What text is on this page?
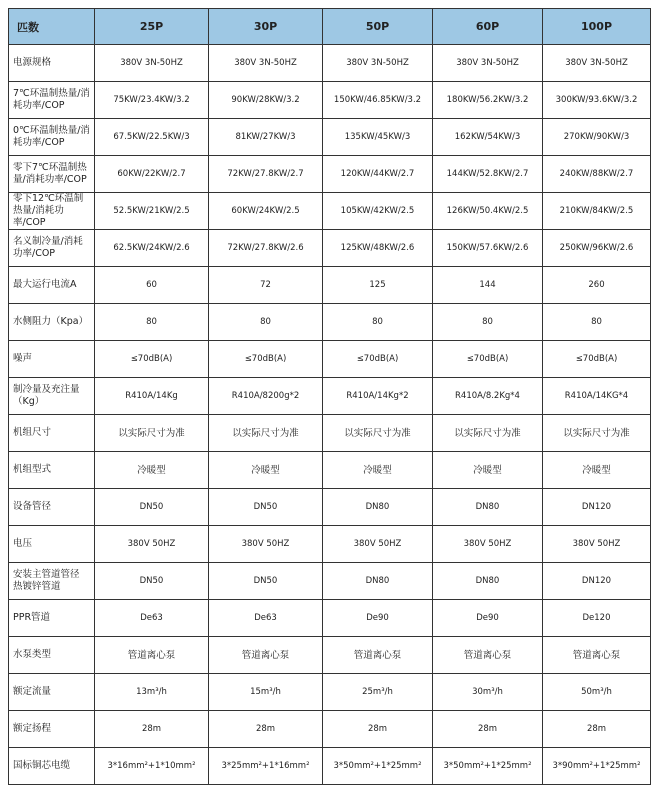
匹数	25P	30P	50P	60P	100P
电源规格	380V 3N-50HZ	380V 3N-50HZ	380V 3N-50HZ	380V 3N-50HZ	380V 3N-50HZ
7℃环温制热量/消耗功率/COP	75KW/23.4KW/3.2	90KW/28KW/3.2	150KW/46.85KW/3.2	180KW/56.2KW/3.2	300KW/93.6KW/3.2
0℃环温制热量/消耗功率/COP	67.5KW/22.5KW/3	81KW/27KW/3	135KW/45KW/3	162KW/54KW/3	270KW/90KW/3
零下7℃环温制热量/消耗功率/COP	60KW/22KW/2.7	72KW/27.8KW/2.7	120KW/44KW/2.7	144KW/52.8KW/2.7	240KW/88KW/2.7
零下12℃环温制热量/消耗功率/COP	52.5KW/21KW/2.5	60KW/24KW/2.5	105KW/42KW/2.5	126KW/50.4KW/2.5	210KW/84KW/2.5
名义制冷量/消耗功率/COP	62.5KW/24KW/2.6	72KW/27.8KW/2.6	125KW/48KW/2.6	150KW/57.6KW/2.6	250KW/96KW/2.6
最大运行电流A	60	72	125	144	260
水侧阻力（Kpa）	80	80	80	80	80
噪声	≤70dB(A)	≤70dB(A)	≤70dB(A)	≤70dB(A)	≤70dB(A)
制冷量及充注量（Kg）	R410A/14Kg	R410A/8200g*2	R410A/14Kg*2	R410A/8.2Kg*4	R410A/14KG*4
机组尺寸	以实际尺寸为准	以实际尺寸为准	以实际尺寸为准	以实际尺寸为准	以实际尺寸为准
机组型式	冷暖型	冷暖型	冷暖型	冷暖型	冷暖型
设备管径	DN50	DN50	DN80	DN80	DN120
电压	380V 50HZ	380V 50HZ	380V 50HZ	380V 50HZ	380V 50HZ
安装主管道管径 热镀锌管道	DN50	DN50	DN80	DN80	DN120
PPR管道	De63	De63	De90	De90	De120
水泵类型	管道离心泵	管道离心泵	管道离心泵	管道离心泵	管道离心泵
额定流量	13m³/h	15m³/h	25m³/h	30m³/h	50m³/h
额定扬程	28m	28m	28m	28m	28m
国标铜芯电缆	3*16mm²+1*10mm²	3*25mm²+1*16mm²	3*50mm²+1*25mm²	3*50mm²+1*25mm²	3*90mm²+1*25mm²
